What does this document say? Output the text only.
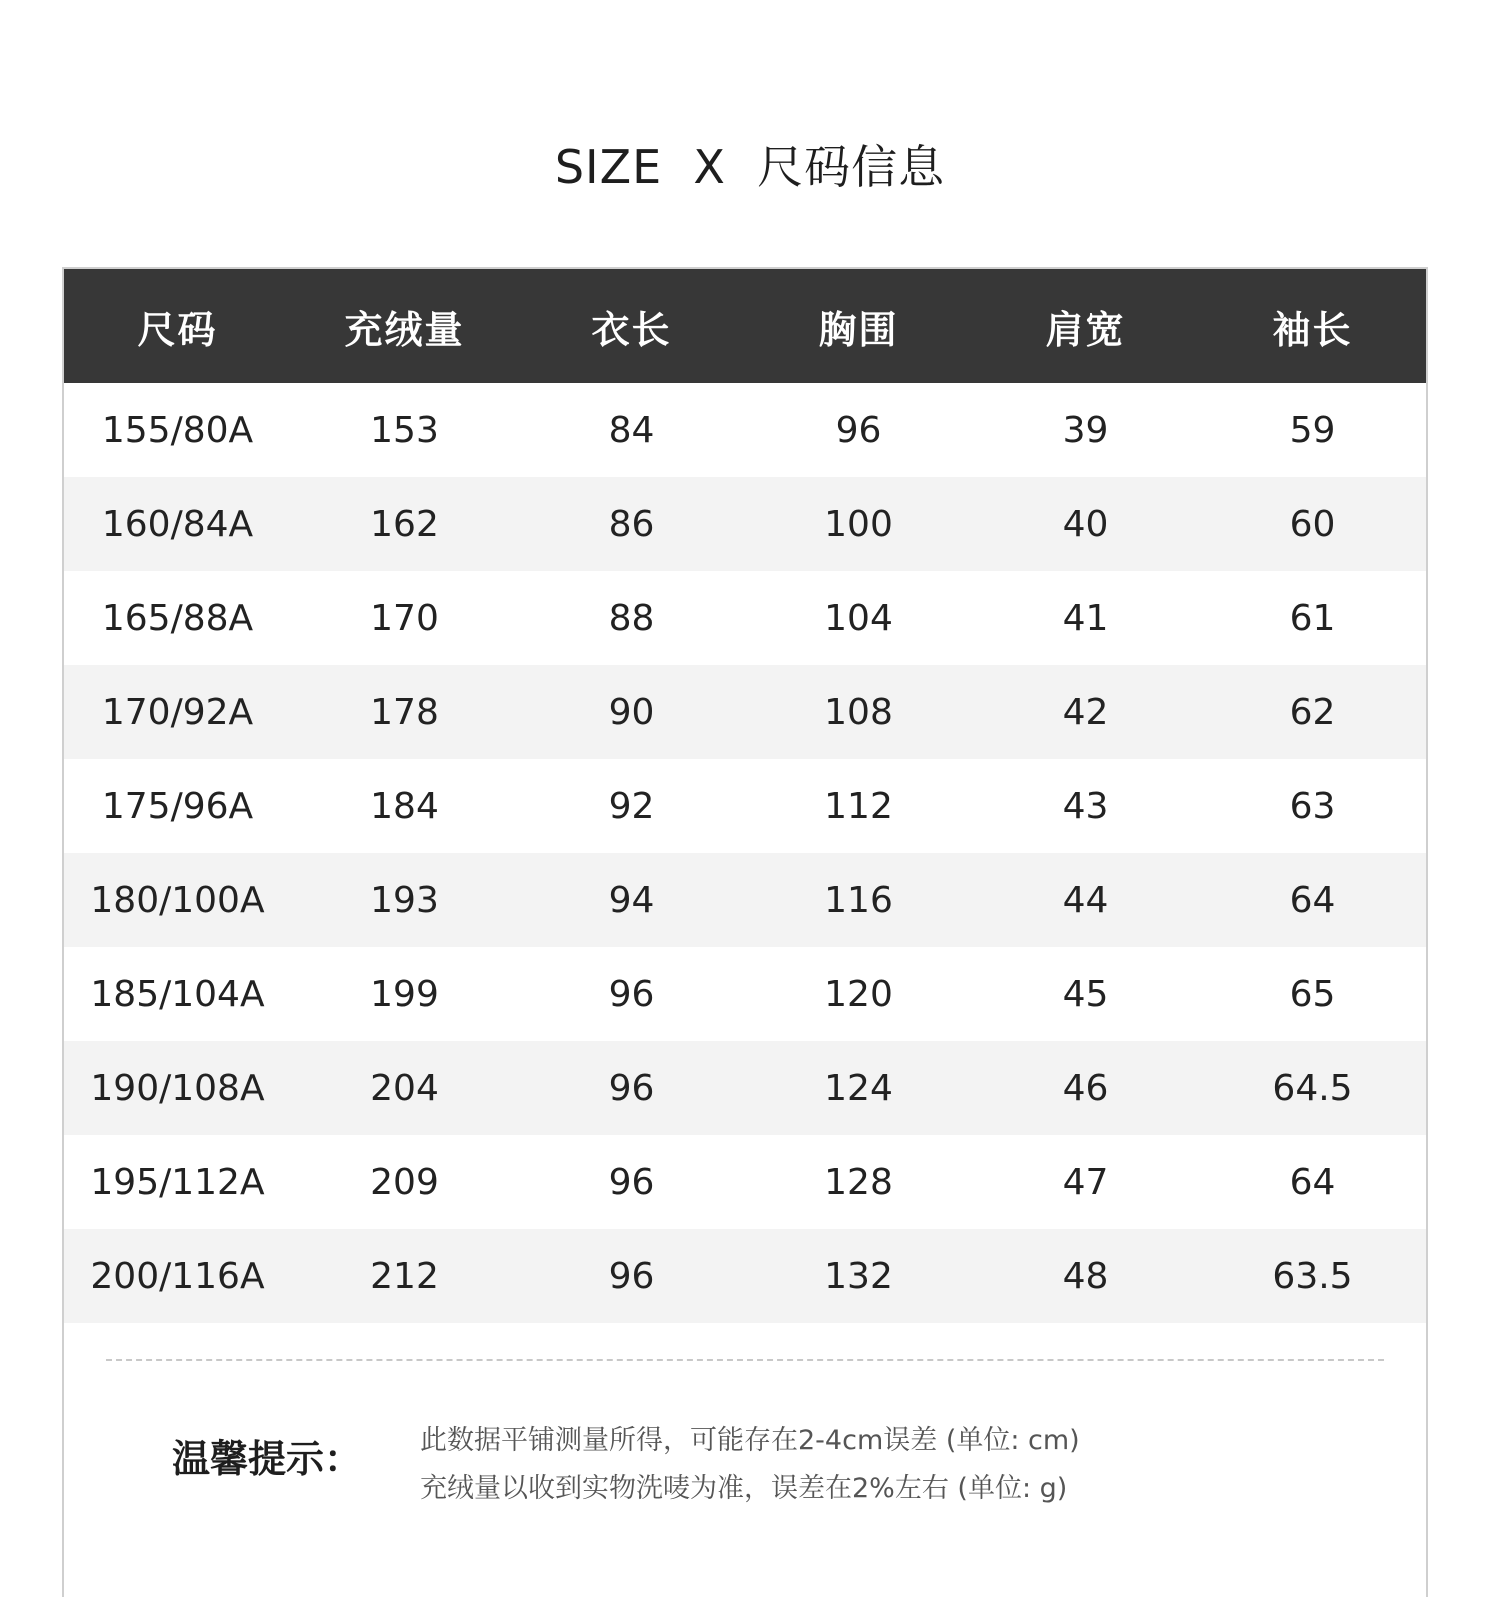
SIZE  X  尺码信息
尺码	充绒量	衣长	胸围	肩宽	袖长
155/80A	153	84	96	39	59
160/84A	162	86	100	40	60
165/88A	170	88	104	41	61
170/92A	178	90	108	42	62
175/96A	184	92	112	43	63
180/100A	193	94	116	44	64
185/104A	199	96	120	45	65
190/108A	204	96	124	46	64.5
195/112A	209	96	128	47	64
200/116A	212	96	132	48	63.5
温馨提示： 此数据平铺测量所得，可能存在2-4cm误差 (单位: cm)
充绒量以收到实物洗唛为准，误差在2%左右 (单位: g)
